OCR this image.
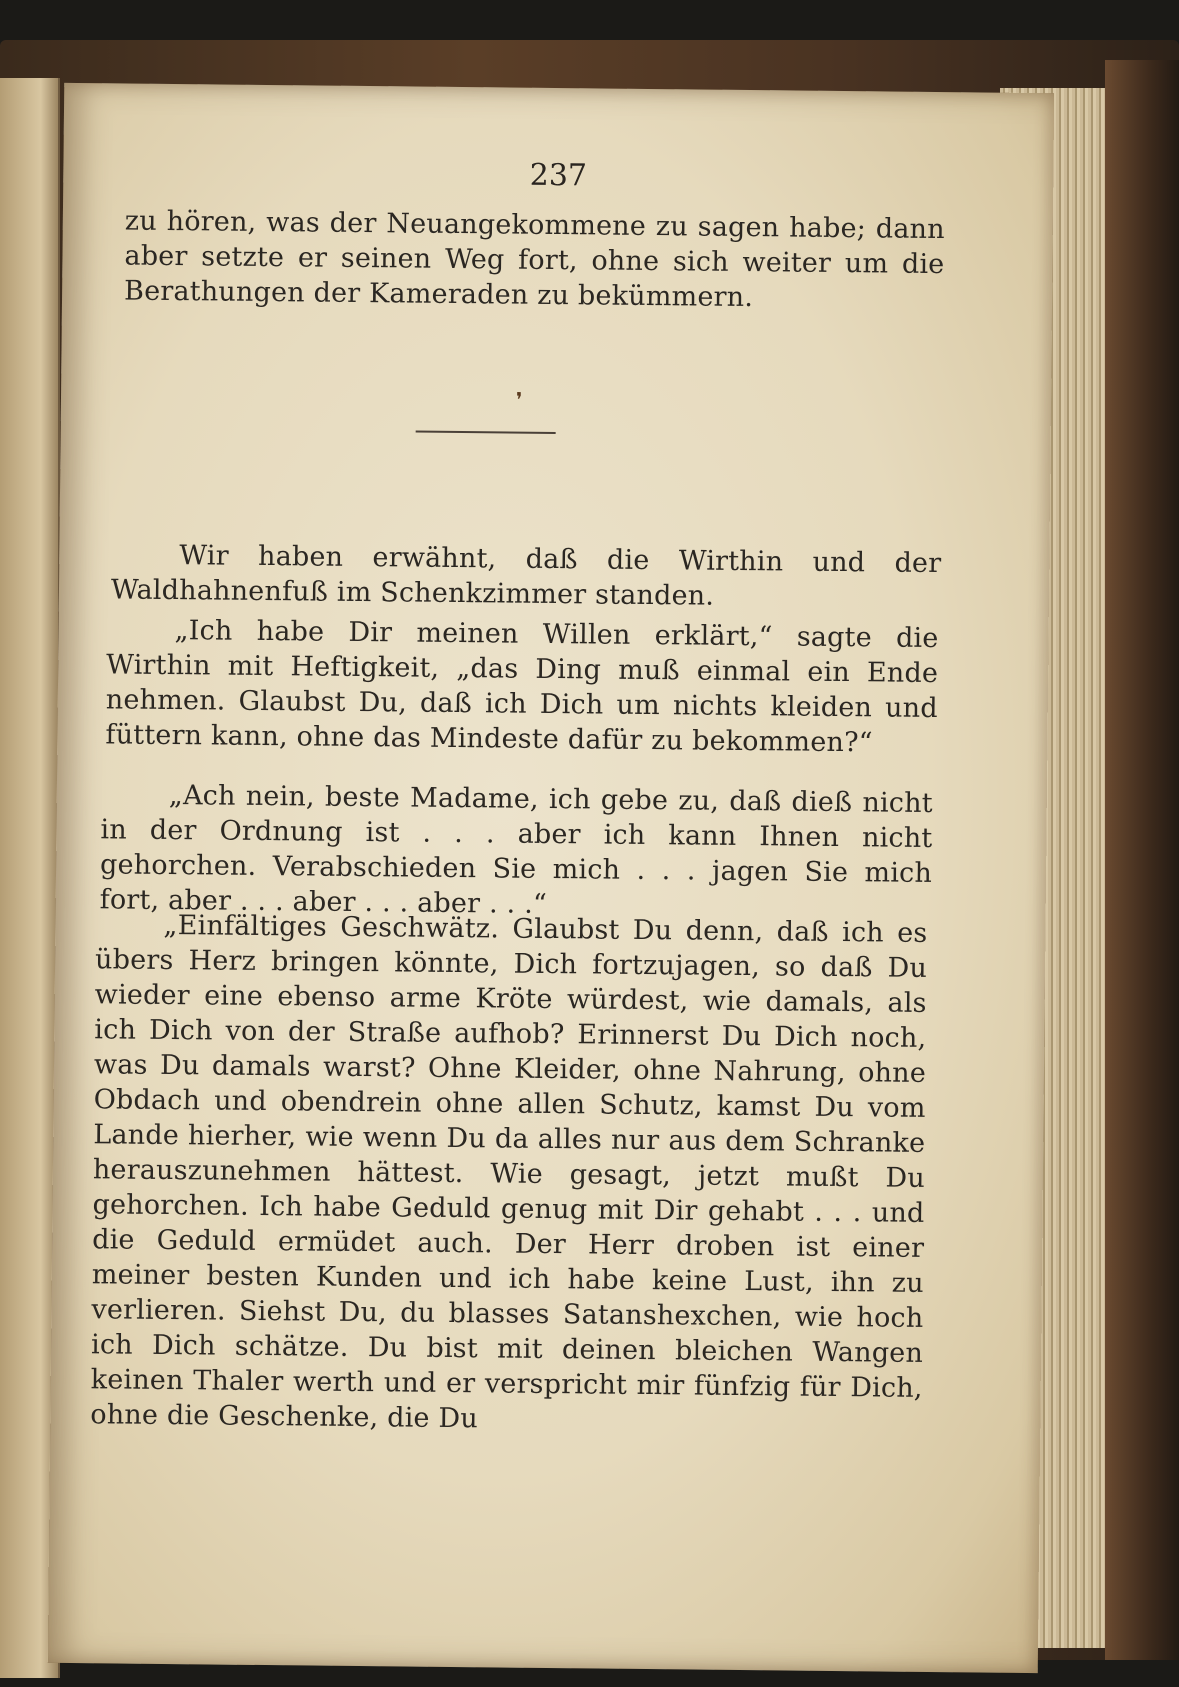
237

zu hören, was der Neuangekommene zu sagen habe; dann aber setzte er seinen Weg fort, ohne sich weiter um die Berathungen der Kameraden zu bekümmern.

❜

Wir haben erwähnt, daß die Wirthin und der Waldhahnenfuß im Schenkzimmer standen.

„Ich habe Dir meinen Willen erklärt,“ sagte die Wirthin mit Heftigkeit, „das Ding muß einmal ein Ende nehmen. Glaubst Du, daß ich Dich um nichts kleiden und füttern kann, ohne das Mindeste dafür zu bekommen?“

„Ach nein, beste Madame, ich gebe zu, daß dieß nicht in der Ordnung ist . . . aber ich kann Ihnen nicht gehorchen. Verabschieden Sie mich . . . jagen Sie mich fort, aber . . . aber . . . aber . . .“

„Einfältiges Geschwätz. Glaubst Du denn, daß ich es übers Herz bringen könnte, Dich fortzujagen, so daß Du wieder eine ebenso arme Kröte würdest, wie damals, als ich Dich von der Straße aufhob? Erinnerst Du Dich noch, was Du damals warst? Ohne Kleider, ohne Nahrung, ohne Obdach und obendrein ohne allen Schutz, kamst Du vom Lande hierher, wie wenn Du da alles nur aus dem Schranke herauszunehmen hättest. Wie gesagt, jetzt mußt Du gehorchen. Ich habe Geduld genug mit Dir gehabt . . . und die Geduld ermüdet auch. Der Herr droben ist einer meiner besten Kunden und ich habe keine Lust, ihn zu verlieren. Siehst Du, du blasses Satanshexchen, wie hoch ich Dich schätze. Du bist mit deinen bleichen Wangen keinen Thaler werth und er verspricht mir fünfzig für Dich, ohne die Geschenke, die Du
